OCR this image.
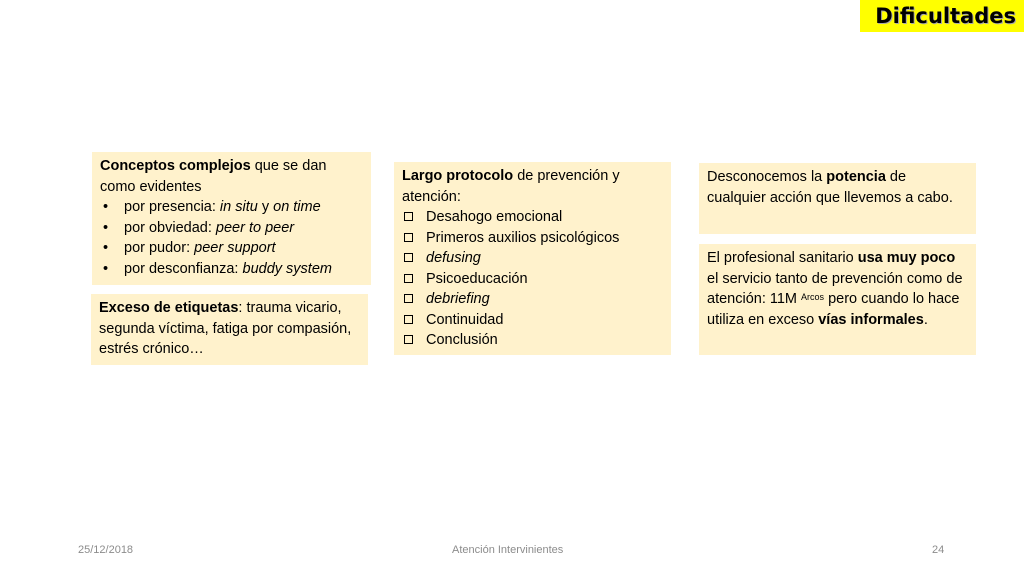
Dificultades
Conceptos complejos que se dan como evidentes
• por presencia: in situ y on time
• por obviedad: peer to peer
• por pudor: peer support
• por desconfianza: buddy system
Exceso de etiquetas: trauma vicario, segunda víctima, fatiga por compasión, estrés crónico…
Largo protocolo de prevención y atención:
Desahogo emocional
Primeros auxilios psicológicos
defusing
Psicoeducación
debriefing
Continuidad
Conclusión
Desconocemos la potencia de cualquier acción que llevemos a cabo.
El profesional sanitario usa muy poco el servicio tanto de prevención como de atención: 11M $^{Arcos}$ pero cuando lo hace utiliza en exceso vías informales.
25/12/2018	Atención Intervinientes	24
